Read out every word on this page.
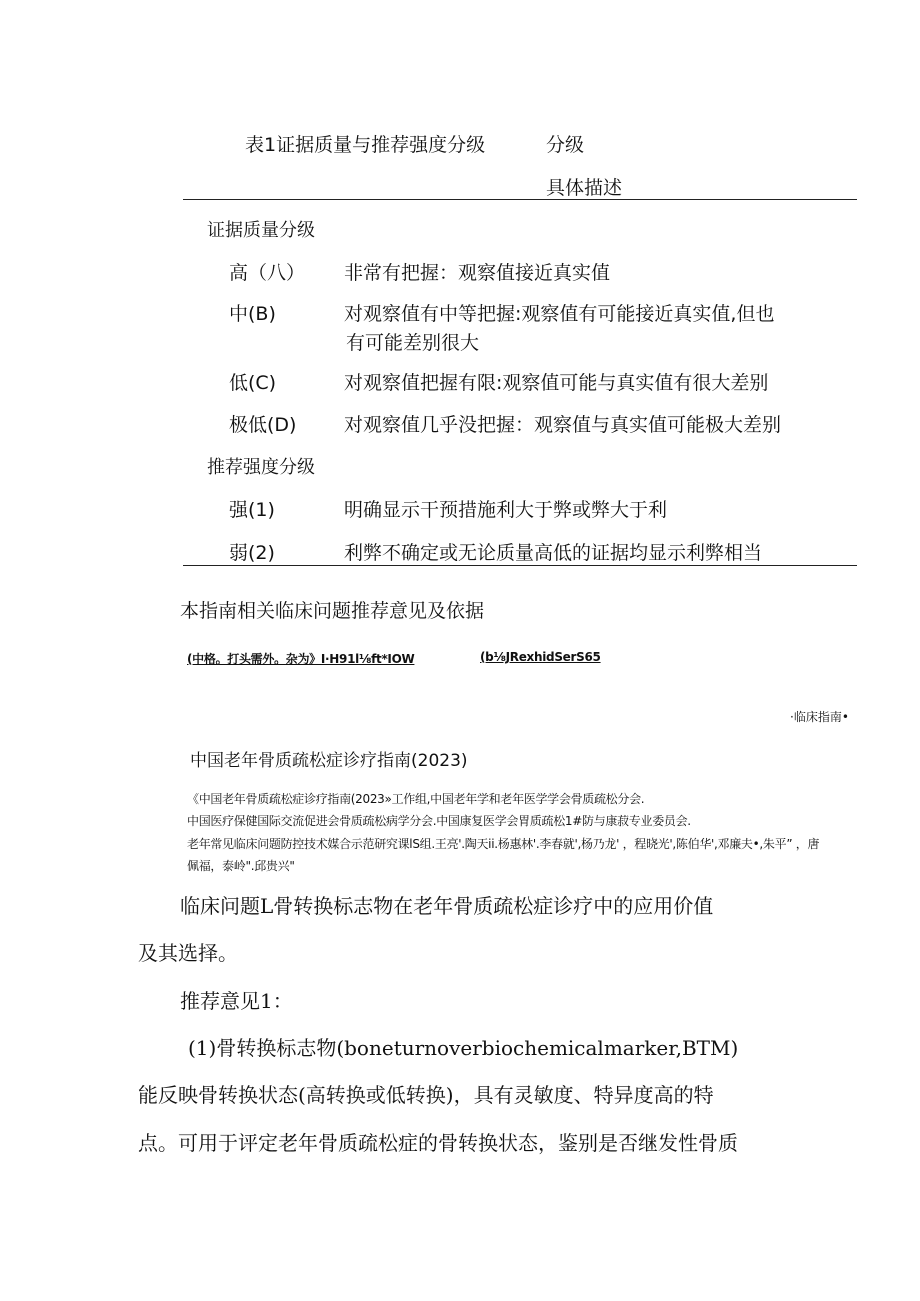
表1证据质量与推荐强度分级	分级
具体描述
证据质量分级
高（八） 非常有把握：观察值接近真实值
中(B)	对观察值有中等把握:观察值有可能接近真实值,但也
有可能差别很大
低(C)	对观察值把握有限:观察值可能与真实值有很大差别
极低(D)	对观察值几乎没把握：观察值与真实值可能极大差别
推荐强度分级
强(1)	明确显示干预措施利大于弊或弊大于利
弱(2)	利弊不确定或无论质量高低的证据均显示利弊相当
本指南相关临床问题推荐意见及依据
(中格。打头需外。杂为》I·H91l⅛ft*IOW	(b⅛JRexhidSerS65
·临床指南•
中国老年骨质疏松症诊疗指南(2023)
《中国老年骨质疏松症诊疗指南(2023»工作组,中国老年学和老年医学学会骨质疏松分会.
中国医疗保健国际交流促进会骨质疏松病学分会.中国康复医学会胃质疏松1#防与康菽专业委员会.
老年常见临床问题防控技术媒合示范研究课lS组.王亮'.陶天ii.杨惠林'.李春就',杨乃龙' ，程晓光',陈伯华',邓廉夫•,朱平” ，唐
佩福，泰岭".邱贵兴"
临床问题L骨转换标志物在老年骨质疏松症诊疗中的应用价值
及其选择。
推荐意见1：
(1)骨转换标志物(boneturnoverbiochemicalmarker,BTM)
能反映骨转换状态(高转换或低转换)，具有灵敏度、特异度高的特
点。可用于评定老年骨质疏松症的骨转换状态，鉴别是否继发性骨质
